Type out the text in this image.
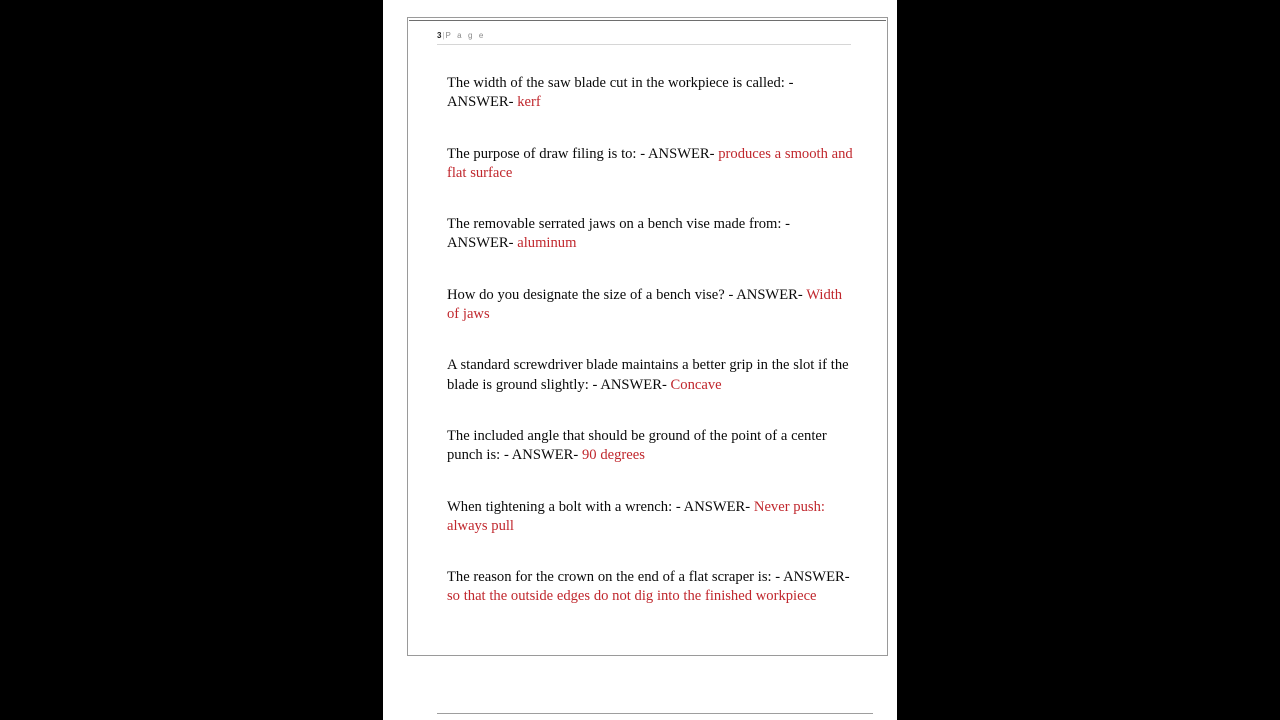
3|P a g e

The width of the saw blade cut in the workpiece is called: - ANSWER- kerf

The purpose of draw filing is to: - ANSWER- produces a smooth and flat surface

The removable serrated jaws on a bench vise made from: - ANSWER- aluminum

How do you designate the size of a bench vise? - ANSWER- Width of jaws

A standard screwdriver blade maintains a better grip in the slot if the blade is ground slightly: - ANSWER- Concave

The included angle that should be ground of the point of a center punch is: - ANSWER- 90 degrees

When tightening a bolt with a wrench: - ANSWER- Never push: always pull

The reason for the crown on the end of a flat scraper is: - ANSWER- so that the outside edges do not dig into the finished workpiece
